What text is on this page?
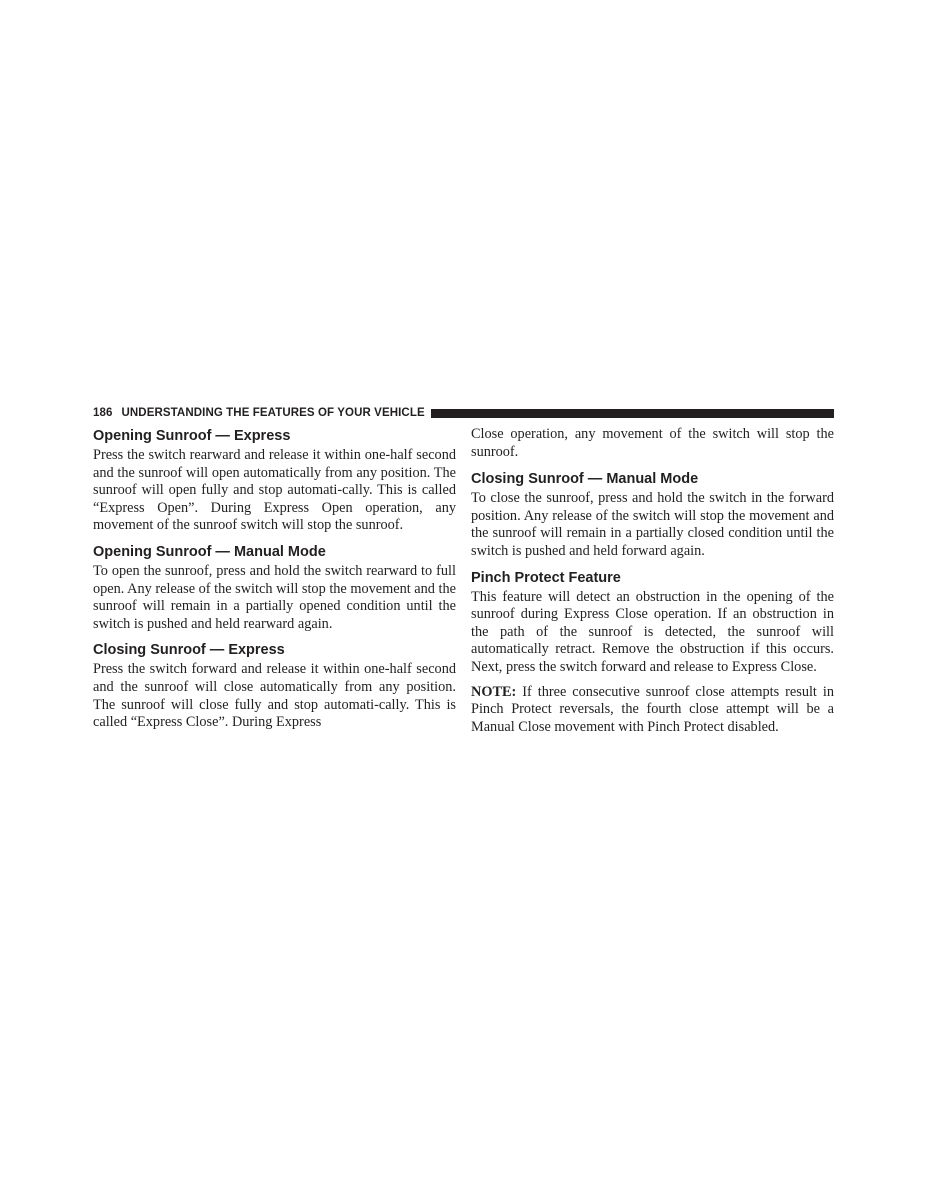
186 UNDERSTANDING THE FEATURES OF YOUR VEHICLE
Opening Sunroof — Express

Press the switch rearward and release it within one-half second and the sunroof will open automatically from any position. The sunroof will open fully and stop automati-cally. This is called “Express Open”. During Express Open operation, any movement of the sunroof switch will stop the sunroof.

Opening Sunroof — Manual Mode

To open the sunroof, press and hold the switch rearward to full open. Any release of the switch will stop the movement and the sunroof will remain in a partially opened condition until the switch is pushed and held rearward again.

Closing Sunroof — Express

Press the switch forward and release it within one-half second and the sunroof will close automatically from any position. The sunroof will close fully and stop automati-cally. This is called “Express Close”. During Express

Close operation, any movement of the switch will stop the sunroof.

Closing Sunroof — Manual Mode

To close the sunroof, press and hold the switch in the forward position. Any release of the switch will stop the movement and the sunroof will remain in a partially closed condition until the switch is pushed and held forward again.

Pinch Protect Feature

This feature will detect an obstruction in the opening of the sunroof during Express Close operation. If an obstruction in the path of the sunroof is detected, the sunroof will automatically retract. Remove the obstruction if this occurs. Next, press the switch forward and release to Express Close.

NOTE: If three consecutive sunroof close attempts result in Pinch Protect reversals, the fourth close attempt will be a Manual Close movement with Pinch Protect disabled.
